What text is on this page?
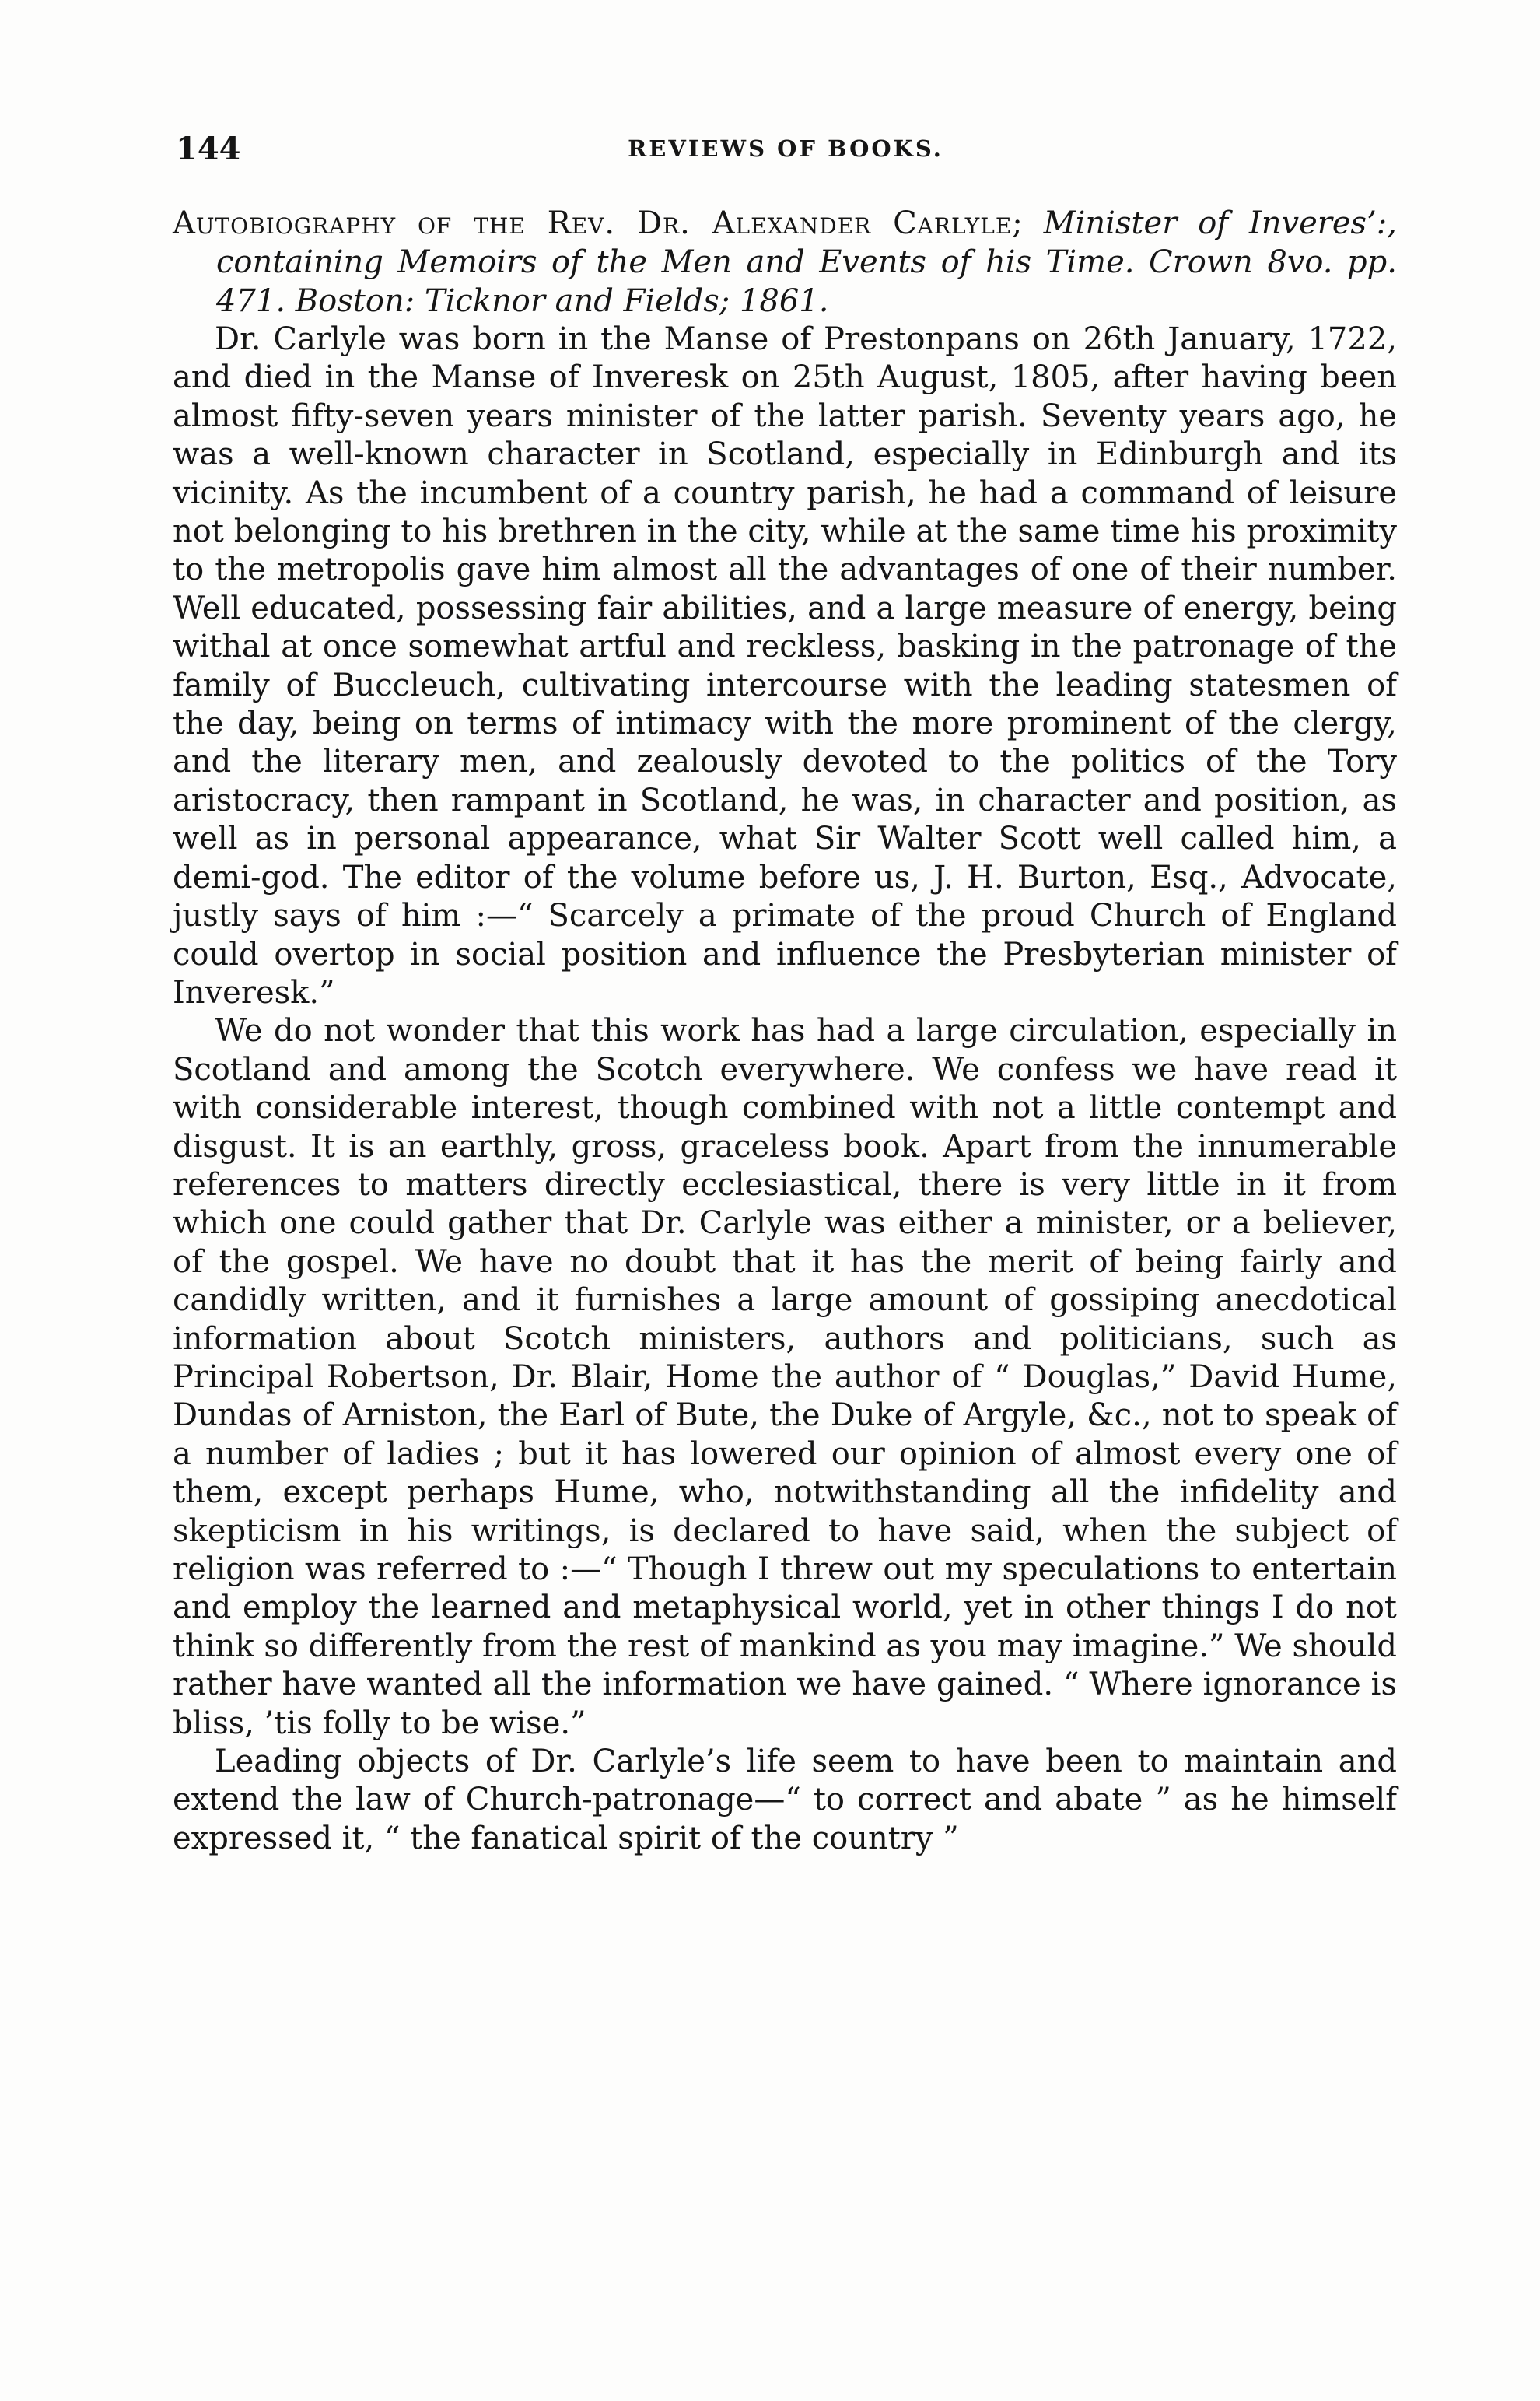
144	REVIEWS OF BOOKS.

Autobiography of the Rev. Dr. Alexander Carlyle; Minister of Inveres’:, containing Memoirs of the Men and Events of his Time. Crown 8vo. pp. 471. Boston: Ticknor and Fields; 1861.

Dr. Carlyle was born in the Manse of Prestonpans on 26th January, 1722, and died in the Manse of Inveresk on 25th August, 1805, after having been almost fifty-seven years minister of the latter parish. Seventy years ago, he was a well-known character in Scotland, especially in Edinburgh and its vicinity. As the incumbent of a country parish, he had a command of leisure not belonging to his brethren in the city, while at the same time his proximity to the metropolis gave him almost all the advantages of one of their number. Well educated, possessing fair abilities, and a large measure of energy, being withal at once somewhat artful and reckless, basking in the patronage of the family of Buccleuch, cultivating intercourse with the leading statesmen of the day, being on terms of intimacy with the more prominent of the clergy, and the literary men, and zealously devoted to the politics of the Tory aristocracy, then rampant in Scotland, he was, in character and position, as well as in personal appearance, what Sir Walter Scott well called him, a demi-god. The editor of the volume before us, J. H. Burton, Esq., Advocate, justly says of him :—“ Scarcely a primate of the proud Church of England could overtop in social position and influence the Presbyterian minister of Inveresk.”

We do not wonder that this work has had a large circulation, especially in Scotland and among the Scotch everywhere. We confess we have read it with considerable interest, though combined with not a little contempt and disgust. It is an earthly, gross, graceless book. Apart from the innumerable references to matters directly ecclesiastical, there is very little in it from which one could gather that Dr. Carlyle was either a minister, or a believer, of the gospel. We have no doubt that it has the merit of being fairly and candidly written, and it furnishes a large amount of gossiping anecdotical information about Scotch ministers, authors and politicians, such as Principal Robertson, Dr. Blair, Home the author of “ Douglas,” David Hume, Dundas of Arniston, the Earl of Bute, the Duke of Argyle, &c., not to speak of a number of ladies ; but it has lowered our opinion of almost every one of them, except perhaps Hume, who, notwithstanding all the infidelity and skepticism in his writings, is declared to have said, when the subject of religion was referred to :—“ Though I threw out my speculations to entertain and employ the learned and metaphysical world, yet in other things I do not think so differently from the rest of mankind as you may imagine.” We should rather have wanted all the information we have gained. “ Where ignorance is bliss, ’tis folly to be wise.”

Leading objects of Dr. Carlyle’s life seem to have been to maintain and extend the law of Church-patronage—“ to correct and abate ” as he himself expressed it, “ the fanatical spirit of the country ”
